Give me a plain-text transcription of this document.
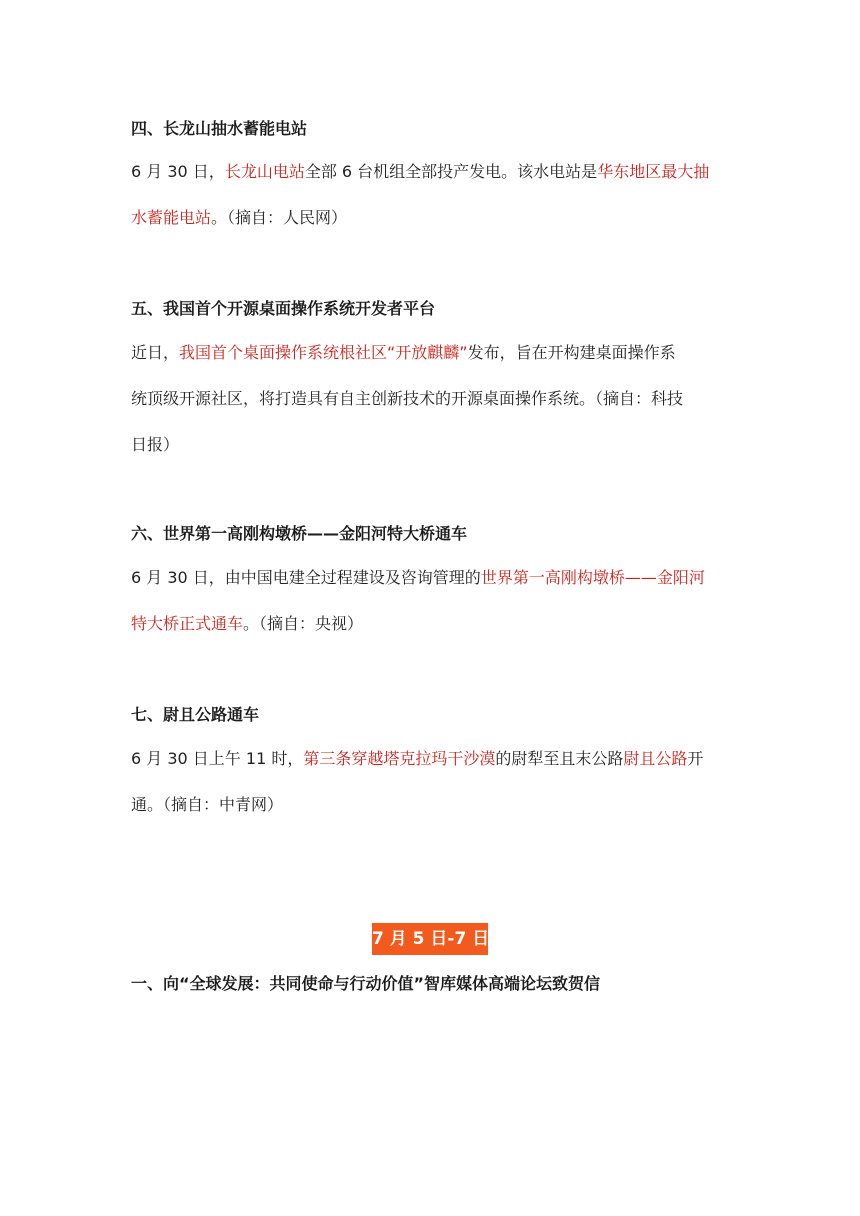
四、长龙山抽水蓄能电站
6 月 30 日，长龙山电站全部 6 台机组全部投产发电。该水电站是华东地区最大抽
水蓄能电站。（摘自：人民网）
五、我国首个开源桌面操作系统开发者平台
近日，我国首个桌面操作系统根社区“开放麒麟”发布，旨在开构建桌面操作系
统顶级开源社区，将打造具有自主创新技术的开源桌面操作系统。（摘自：科技
日报）
六、世界第一高刚构墩桥——金阳河特大桥通车
6 月 30 日，由中国电建全过程建设及咨询管理的世界第一高刚构墩桥——金阳河
特大桥正式通车。（摘自：央视）
七、尉且公路通车
6 月 30 日上午 11 时，第三条穿越塔克拉玛干沙漠的尉犁至且末公路尉且公路开
通。（摘自：中青网）
7 月 5 日-7 日
一、向“全球发展：共同使命与行动价值”智库媒体高端论坛致贺信
